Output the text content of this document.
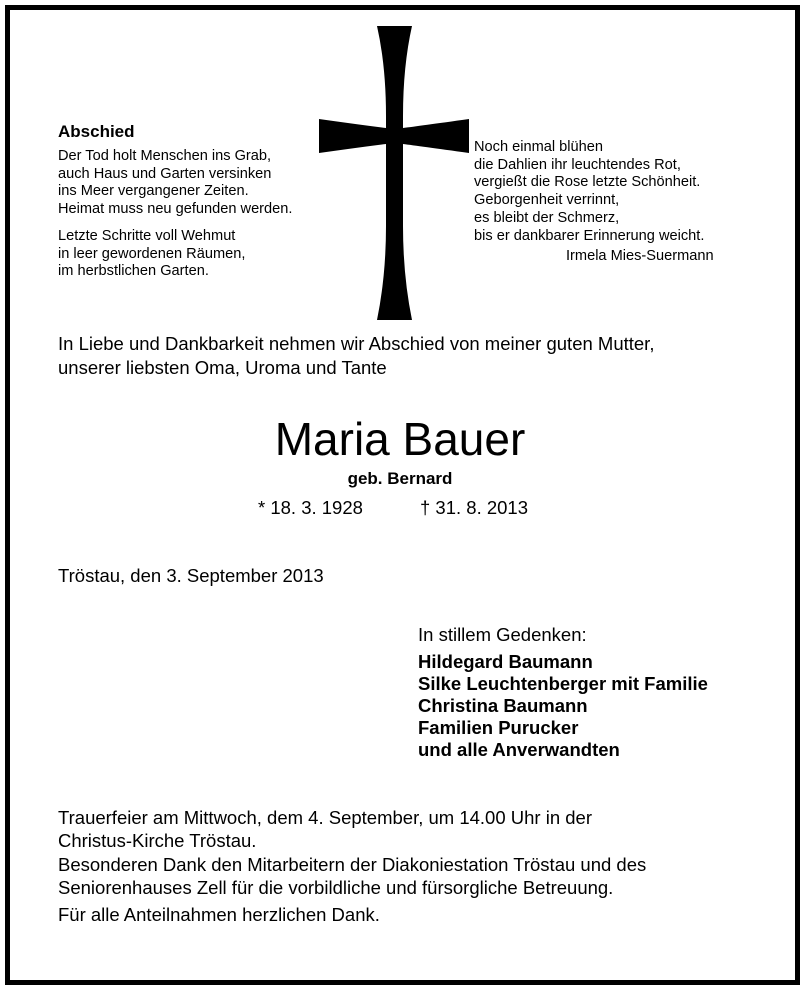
Abschied
Der Tod holt Menschen ins Grab,
auch Haus und Garten versinken
ins Meer vergangener Zeiten.
Heimat muss neu gefunden werden.
Letzte Schritte voll Wehmut
in leer gewordenen Räumen,
im herbstlichen Garten.
Noch einmal blühen
die Dahlien ihr leuchtendes Rot,
vergießt die Rose letzte Schönheit.
Geborgenheit verrinnt,
es bleibt der Schmerz,
bis er dankbarer Erinnerung weicht.
Irmela Mies-Suermann
In Liebe und Dankbarkeit nehmen wir Abschied von meiner guten Mutter,
unserer liebsten Oma, Uroma und Tante
Maria Bauer
geb. Bernard
* 18. 3. 1928	† 31. 8. 2013
Tröstau, den 3. September 2013
In stillem Gedenken:
Hildegard Baumann
Silke Leuchtenberger mit Familie
Christina Baumann
Familien Purucker
und alle Anverwandten
Trauerfeier am Mittwoch, dem 4. September, um 14.00 Uhr in der
Christus-Kirche Tröstau.
Besonderen Dank den Mitarbeitern der Diakoniestation Tröstau und des
Seniorenhauses Zell für die vorbildliche und fürsorgliche Betreuung.
Für alle Anteilnahmen herzlichen Dank.
